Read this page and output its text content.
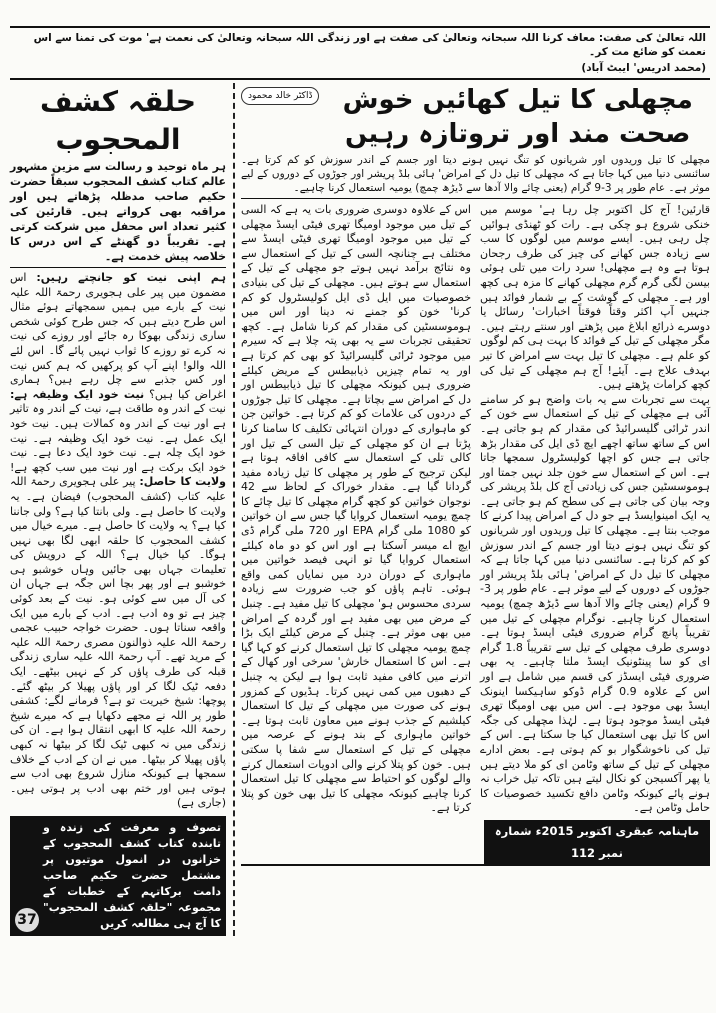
اللہ تعالیٰ کی صفت: معاف کرنا اللہ سبحانہ وتعالیٰ کی صفت ہے اور زندگی اللہ سبحانہ وتعالیٰ کی نعمت ہے' موت کی تمنا سے اس نعمت کو ضائع مت کر۔
(محمد ادریس' ایبٹ آباد)
حلقہ کشف المحجوب
ہر ماہ توحید و رسالت سے مزین مشہور عالم کتاب کشف المحجوب سبقاً حضرت حکیم صاحب مدظلہ پڑھاتے ہیں اور مراقبہ بھی کرواتے ہیں۔ قارئین کی کثیر تعداد اس محفل میں شرکت کرتی ہے۔ تقریباً دو گھنٹے کے اس درس کا خلاصہ پیش خدمت ہے۔

ہم اپنی نیت کو جانچتے رہیں: اس مضمون میں پیر علی ہجویری رحمۃ اللہ علیہ نیت کے بارے میں ہمیں سمجھاتے ہوئے مثال اس طرح دیتے ہیں کہ جس طرح کوئی شخص ساری زندگی بھوکا رہ جائے اور روزے کی نیت نہ کرے تو روزے کا ثواب نہیں پائے گا۔ اس لئے اللہ والو! اپنے آپ کو پرکھیں کہ ہم کس نیت اور کس جذبے سے چل رہے ہیں؟ ہماری اغراض کیا ہیں؟ نیت خود ایک وظیفہ ہے: نیت کے اندر وہ طاقت ہے، نیت کے اندر وہ تاثیر ہے اور نیت کے اندر وہ کمالات ہیں۔ نیت خود ایک عمل ہے۔ نیت خود ایک وظیفہ ہے۔ نیت خود ایک چلہ ہے۔ نیت خود ایک دعا ہے۔ نیت خود ایک برکت ہے اور نیت میں سب کچھ ہے! ولایت کا حاصل: پیر علی ہجویری رحمۃ اللہ علیہ کتاب (کشف المحجوب) فیضان ہے۔ یہ ولایت کا حاصل ہے۔ ولی بانتا کیا ہے؟ ولی جاننا کیا ہے؟ یہ ولایت کا حاصل ہے۔ میرے خیال میں کشف المحجوب کا حلقہ ابھی لگا بھی نہیں ہوگا۔ کیا خیال ہے؟ اللہ کے درویش کی تعلیمات جہاں بھی جائیں وہاں خوشبو ہی خوشبو ہے اور پھر بچا اس جگہ ہے جہاں ان کی آل میں سے کوئی ہو۔ نیت کے بعد کوئی چیز ہے تو وہ ادب ہے۔ ادب کے بارے میں ایک واقعہ سناتا ہوں۔ حضرت خواجہ حبیب عجمی رحمۃ اللہ علیہ ذوالنون مصری رحمۃ اللہ علیہ کے مرید تھے۔ آپ رحمۃ اللہ علیہ ساری زندگی قبلہ کی طرف پاؤں کر کے نہیں بیٹھے۔ ایک دفعہ ٹیک لگا کر اور پاؤں پھیلا کر بیٹھ گئے۔ پوچھا: شیخ خیریت تو ہے؟ فرمانے لگے: کشفی طور پر اللہ نے مجھے دکھایا ہے کہ میرے شیخ رحمۃ اللہ علیہ کا ابھی انتقال ہوا ہے۔ ان کی زندگی میں نہ کبھی ٹیک لگا کر بیٹھا نہ کبھی پاؤں پھیلا کر بیٹھا۔ میں نے ان کے ادب کے خلاف سمجھا ہے کیونکہ منازل شروع بھی ادب سے ہوتی ہیں اور ختم بھی ادب پر ہوتی ہیں۔ (جاری ہے)

37
تصوف و معرفت کی زندہ و تابندہ کتاب کشف المحجوب کے خزانوں در انمول موتیوں پر مشتمل حضرت حکیم صاحب دامت برکاتہم کے خطبات کے مجموعہ "حلقہ کشف المحجوب" کا آج ہی مطالعہ کریں
مچھلی کا تیل کھائیں خوش صحت مند اور تروتازہ رہیں
ڈاکٹر خالد محمود
مچھلی کا تیل وریدوں اور شریانوں کو تنگ نہیں ہونے دیتا اور جسم کے اندر سوزش کو کم کرتا ہے۔ سائنسی دنیا میں کہا جاتا ہے کہ مچھلی کا تیل دل کے امراض' ہائی بلڈ پریشر اور جوڑوں کے دوروں کے لیے موثر ہے۔ عام طور پر 3-9 گرام (یعنی چائے والا آدھا سے ڈیڑھ چمچ) یومیہ استعمال کرنا چاہیے۔

قارئین! آج کل اکتوبر چل رہا ہے' موسم میں خنکی شروع ہو چکی ہے۔ رات کو ٹھنڈی ہوائیں چل رہی ہیں۔ ایسے موسم میں لوگوں کا سب سے زیادہ جس کھانے کی چیز کی طرف رجحان ہوتا ہے وہ ہے مچھلی! سرد رات میں تلی ہوئی بیسن لگی گرم گرم مچھلی کھانے کا مزہ ہی کچھ اور ہے۔ مچھلی کے گوشت کے بے شمار فوائد ہیں جنہیں آپ اکثر وقتاً فوقتاً اخبارات' رسائل یا دوسرے ذرائع ابلاغ میں پڑھتے اور سنتے رہتے ہیں۔ مگر مچھلی کے تیل کے فوائد کا بہت ہی کم لوگوں کو علم ہے۔ مچھلی کا تیل بہت سے امراض کا تیر بہدف علاج ہے۔ آیئے! آج ہم مچھلی کے تیل کی کچھ کرامات پڑھتے ہیں۔

بہت سے تجربات سے یہ بات واضح ہو کر سامنے آئی ہے مچھلی کے تیل کے استعمال سے خون کے اندر ٹرائی گلیسرائیڈ کی مقدار کم ہو جاتی ہے۔ اس کے ساتھ ساتھ اچھے ایچ ڈی ایل کی مقدار بڑھ جاتی ہے جس کو اچھا کولیسٹرول سمجھا جاتا ہے۔ اس کے استعمال سے خون جلد نہیں جمتا اور ہوموسسٹین جس کی زیادتی آج کل بلڈ پریشر کی وجہ بیان کی جاتی ہے کی سطح کم ہو جاتی ہے۔ یہ ایک امینوایسڈ ہے جو دل کے امراض پیدا کرنے کا موجب بنتا ہے۔ مچھلی کا تیل وریدوں اور شریانوں کو تنگ نہیں ہونے دیتا اور جسم کے اندر سوزش کو کم کرتا ہے۔ سائنسی دنیا میں کہا جاتا ہے کہ مچھلی کا تیل دل کے امراض' ہائی بلڈ پریشر اور جوڑوں کے دوروں کے لیے موثر ہے۔ عام طور پر 3-9 گرام (یعنی چائے والا آدھا سے ڈیڑھ چمچ) یومیہ استعمال کرنا چاہیے۔ نوگرام مچھلی کے تیل میں تقریباً پانچ گرام ضروری فیٹی ایسڈ ہوتا ہے۔ دوسری طرف مچھلی کے تیل سے تقریباً 1.8 گرام ای کو سا پینٹونیک ایسڈ ملتا چاہیے۔ یہ بھی ضروری فیٹی ایسڈز کی قسم میں شامل ہے اور اس کے علاوہ 0.9 گرام ڈوکو ساہیکسا اینونک ایسڈ بھی موجود ہے۔ اس میں بھی اومیگا تھری فیٹی ایسڈ موجود ہوتا ہے۔ لہٰذا مچھلی کی جگہ اس کا تیل بھی استعمال کیا جا سکتا ہے۔ اس کے تیل کی ناخوشگوار بو کم ہوتی ہے۔ بعض ادارے مچھلی کے تیل کے ساتھ وٹامن ای کو ملا دیتے ہیں یا پھر آکسیجن کو نکال لیتے ہیں تاکہ تیل خراب نہ ہونے پائے کیونکہ وٹامن دافع تکسید خصوصیات کا حامل وٹامن ہے۔

اس کے علاوہ دوسری ضروری بات یہ ہے کہ السی کے تیل میں موجود اومیگا تھری فیٹی ایسڈ مچھلی کے تیل میں موجود اومیگا تھری فیٹی ایسڈ سے مختلف ہے چنانچہ السی کے تیل کے استعمال سے وہ نتائج برآمد نہیں ہوتے جو مچھلی کے تیل کے استعمال سے ہوتے ہیں۔ مچھلی کے تیل کی بنیادی خصوصیات میں ایل ڈی ایل کولیسٹرول کو کم کرنا' خون کو جمنے نہ دینا اور اس میں ہوموسسٹین کی مقدار کم کرنا شامل ہے۔ کچھ تحقیقی تجربات سے یہ بھی پتہ چلا ہے کہ سیرم میں موجود ٹرائی گلیسرائیڈ کو بھی کم کرتا ہے اور یہ تمام چیزیں ذیابیطس کے مریض کیلئے ضروری ہیں کیونکہ مچھلی کا تیل ذیابیطس اور دل کے امراض سے بچاتا ہے۔ مچھلی کا تیل جوڑوں کے دردوں کی علامات کو کم کرتا ہے۔ خواتین جن کو ماہواری کے دوران انتہائی تکلیف کا سامنا کرنا پڑتا ہے ان کو مچھلی کے تیل السی کے تیل اور کالی تلی کے استعمال سے کافی افاقہ ہوتا ہے لیکن ترجیح کے طور پر مچھلی کا تیل زیادہ مفید گردانا گیا ہے۔ مقدار خوراک کے لحاظ سے 42 نوجوان خواتین کو کچھ گرام مچھلی کا تیل چائے کا چمچ یومیہ استعمال کروایا گیا جس سے ان خواتین کو 1080 ملی گرام EPA اور 720 ملی گرام ڈی ایچ اے میسر آسکتا ہے اور اس کو دو ماہ کیلئے استعمال کروایا گیا تو انہی فیصد خواتین میں ماہواری کے دوران درد میں نمایاں کمی واقع ہوئی۔ تاہم پاؤں کو جب ضرورت سے زیادہ سردی محسوس ہو' مچھلی کا تیل مفید ہے۔ چنبل کے مرض میں بھی مفید ہے اور گردہ کے امراض میں بھی موثر ہے۔ چنبل کے مرض کیلئے ایک بڑا چمچ یومیہ مچھلی کا تیل استعمال کرنے کو کہا گیا ہے۔ اس کا استعمال خارش' سرخی اور کھال کے اترنے میں کافی مفید ثابت ہوا ہے لیکن یہ چنبل کے دھبوں میں کمی نہیں کرتا۔ ہڈیوں کے کمزور ہونے کی صورت میں مچھلی کے تیل کا استعمال کیلشیم کے جذب ہونے میں معاون ثابت ہوتا ہے۔ خواتین ماہواری کے بند ہونے کے عرصہ میں مچھلی کے تیل کے استعمال سے شفا پا سکتی ہیں۔ خون کو پتلا کرنے والی ادویات استعمال کرنے والے لوگوں کو احتیاط سے مچھلی کا تیل استعمال کرنا چاہیے کیونکہ مچھلی کا تیل بھی خون کو پتلا کرتا ہے۔

ماہنامہ عبقری اکتوبر 2015ء شمارہ نمبر 112
